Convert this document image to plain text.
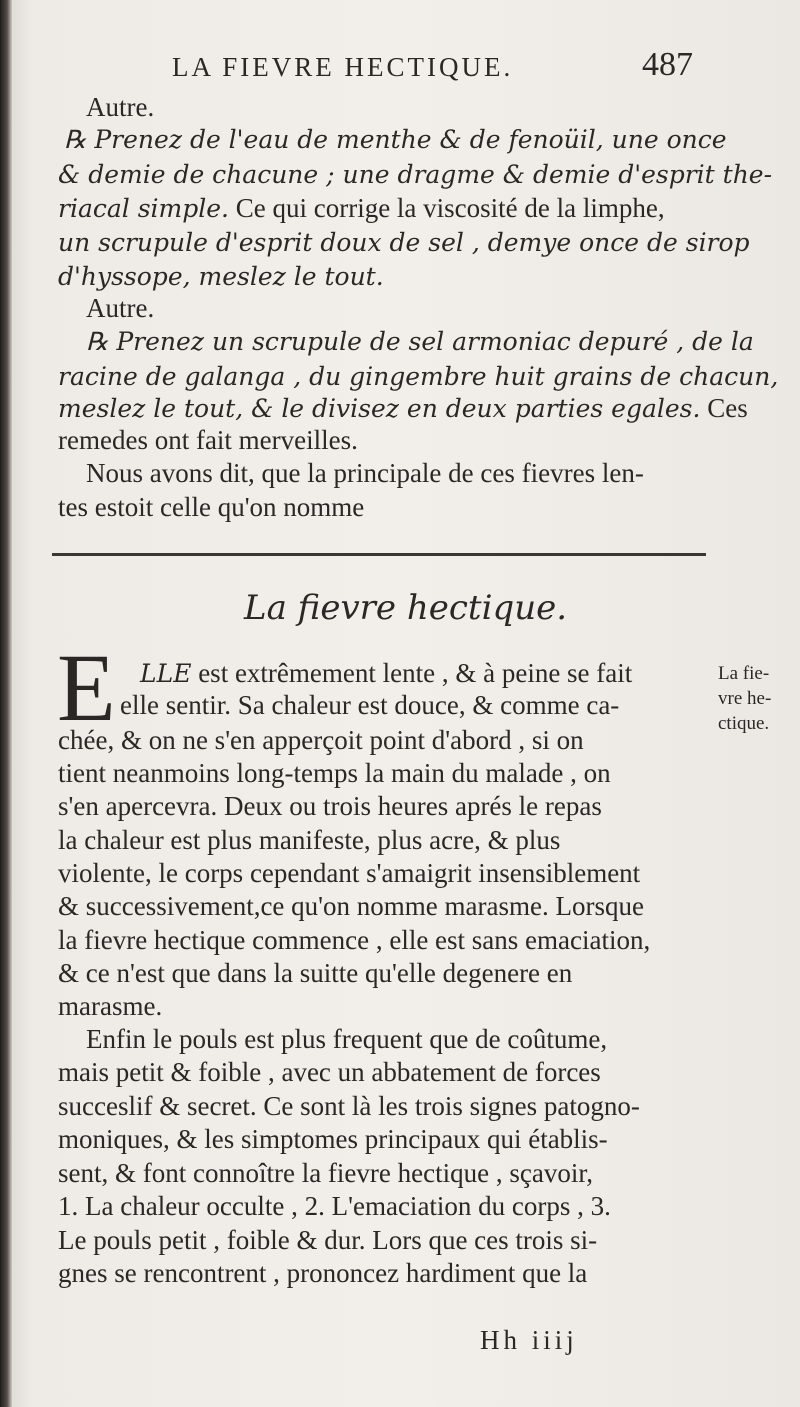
LA FIEVRE HECTIQUE.	487
Autre.
℞ Prenez de l'eau de menthe & de fenoüil, une once
& demie de chacune ; une dragme & demie d'esprit the-
riacal simple. Ce qui corrige la viscosité de la limphe,
un scrupule d'esprit doux de sel , demye once de sirop
d'hyssope, meslez le tout.
Autre.
℞ Prenez un scrupule de sel armoniac depuré , de la
racine de galanga , du gingembre huit grains de chacun,
meslez le tout, & le divisez en deux parties egales. Ces
remedes ont fait merveilles.
Nous avons dit, que la principale de ces fievres len-
tes estoit celle qu'on nomme
LLE est extrêmement lente , & à peine se fait
elle sentir. Sa chaleur est douce, & comme ca-
chée, & on ne s'en apperçoit point d'abord , si on
tient neanmoins long-temps la main du malade , on
s'en apercevra. Deux ou trois heures aprés le repas
la chaleur est plus manifeste, plus acre, & plus
violente, le corps cependant s'amaigrit insensiblement
& successivement,ce qu'on nomme marasme. Lorsque
la fievre hectique commence , elle est sans emaciation,
& ce n'est que dans la suitte qu'elle degenere en
marasme.
Enfin le pouls est plus frequent que de coûtume,
mais petit & foible , avec un abbatement de forces
succeslif & secret. Ce sont là les trois signes patogno-
moniques, & les simptomes principaux qui établis-
sent, & font connoître la fievre hectique , sçavoir,
1. La chaleur occulte , 2. L'emaciation du corps , 3.
Le pouls petit , foible & dur. Lors que ces trois si-
gnes se rencontrent , prononcez hardiment que la
La fievre hectique.
E	La fie-
vre he-
ctique.
Hh iiij
